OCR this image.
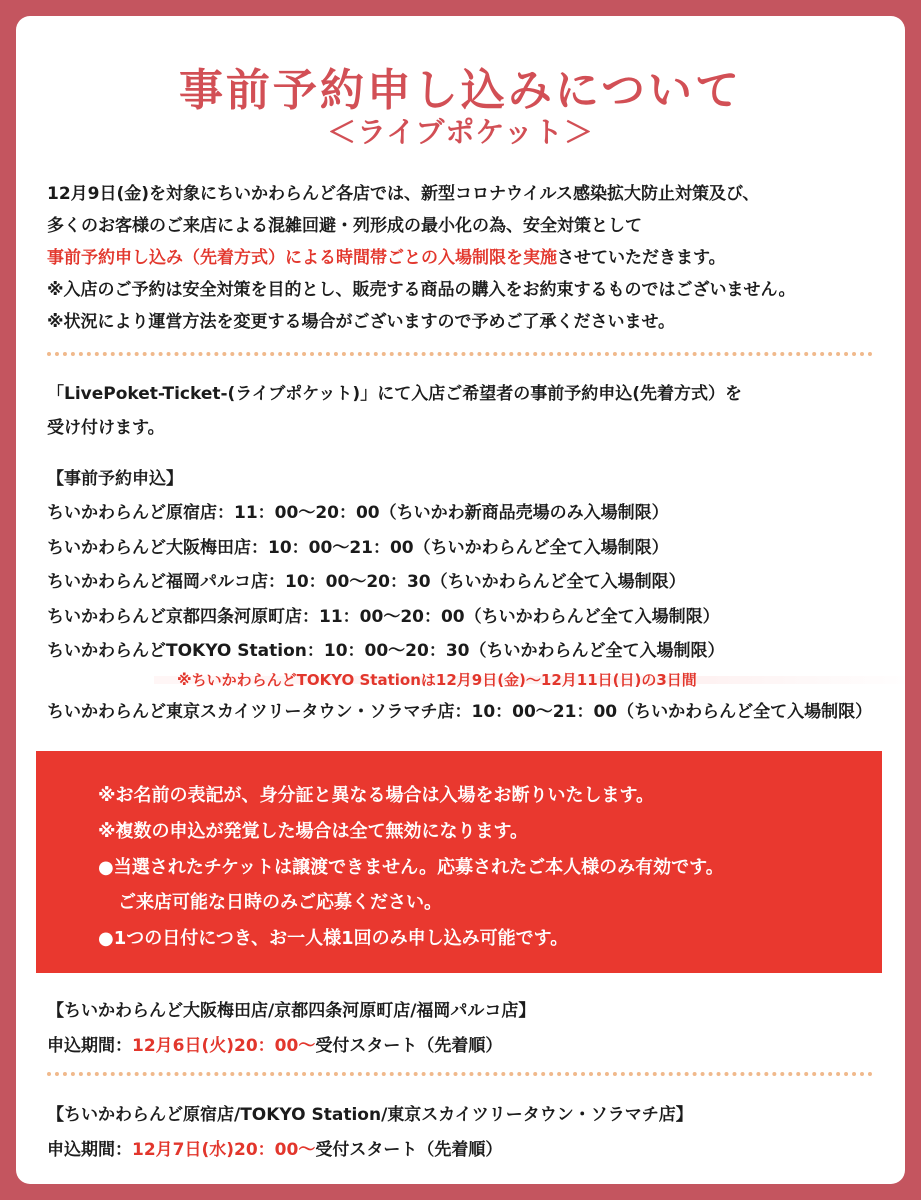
事前予約申し込みについて
＜ライブポケット＞
12月9日(金)を対象にちいかわらんど各店では、新型コロナウイルス感染拡大防止対策及び、
多くのお客様のご来店による混雑回避・列形成の最小化の為、安全対策として
事前予約申し込み（先着方式）による時間帯ごとの入場制限を実施させていただきます。
※入店のご予約は安全対策を目的とし、販売する商品の購入をお約束するものではございません。
※状況により運営方法を変更する場合がございますので予めご了承くださいませ。
「LivePoket-Ticket-(ライブポケット)」にて入店ご希望者の事前予約申込(先着方式）を
受け付けます。
【事前予約申込】
ちいかわらんど原宿店：11：00〜20：00（ちいかわ新商品売場のみ入場制限）
ちいかわらんど大阪梅田店：10：00〜21：00（ちいかわらんど全て入場制限）
ちいかわらんど福岡パルコ店：10：00〜20：30（ちいかわらんど全て入場制限）
ちいかわらんど京都四条河原町店：11：00〜20：00（ちいかわらんど全て入場制限）
ちいかわらんどTOKYO Station：10：00〜20：30（ちいかわらんど全て入場制限）
※ちいかわらんどTOKYO Stationは12月9日(金)〜12月11日(日)の3日間
ちいかわらんど東京スカイツリータウン・ソラマチ店：10：00〜21：00（ちいかわらんど全て入場制限）
※お名前の表記が、身分証と異なる場合は入場をお断りいたします。
※複数の申込が発覚した場合は全て無効になります。
●当選されたチケットは譲渡できません。応募されたご本人様のみ有効です。
ご来店可能な日時のみご応募ください。
●1つの日付につき、お一人様1回のみ申し込み可能です。
【ちいかわらんど大阪梅田店/京都四条河原町店/福岡パルコ店】
申込期間：12月6日(火)20：00〜受付スタート（先着順）
【ちいかわらんど原宿店/TOKYO Station/東京スカイツリータウン・ソラマチ店】
申込期間：12月7日(水)20：00〜受付スタート（先着順）
